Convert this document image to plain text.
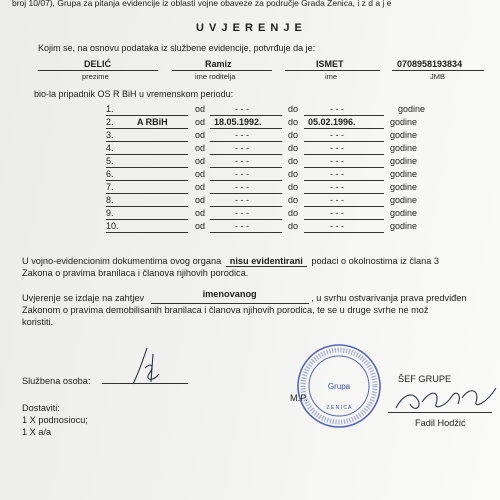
broj 10/07), Grupa za pitanja evidencije iz oblasti vojne obaveze za područje Grada Zenica, i z d a j e
U V J E R E N J E
Kojim se, na osnovu podataka iz službene evidencije, potvrđuje da je:
DELIĆ
prezime
Ramiz
ime roditelja
ISMET
ime
0708958193834
JMB
bio-la pripadnik OS R BiH u vremenskom periodu:
1.	od	- - -	do	- - -	godine
2.	A RBiH	od 18.05.1992.	do 05.02.1996.	godine
3.	od	- - -	do	- - -	godine
4.	od	- - -	do	- - -	godine
5.	od	- - -	do	- - -	godine
6.	od	- - -	do	- - -	godine
7.	od	- - -	do	- - -	godine
8.	od	- - -	do	- - -	godine
9.	od	- - -	do	- - -	godine
10.	od	- - -	do	- - -	godine
U vojno-evidencionim dokumentima ovog organa nisu evidentirani podaci o okolnostima iz člana 3
Zakona o pravima branilaca i članova njihovih porodica.
Uvjerenje se izdaje na zahtjev	imenovanog	, u svrhu ostvarivanja prava predviđen
Zakonom o pravima demobilisanih branilaca i članova njihovih porodica, te se u druge svrhe ne mož
koristiti.
Službena osoba:
Dostaviti:
1 X podnosiocu;
1 X a/a
M.P.
Grupa
Z E N I C A
ŠEF GRUPE
Fadil Hodžić
